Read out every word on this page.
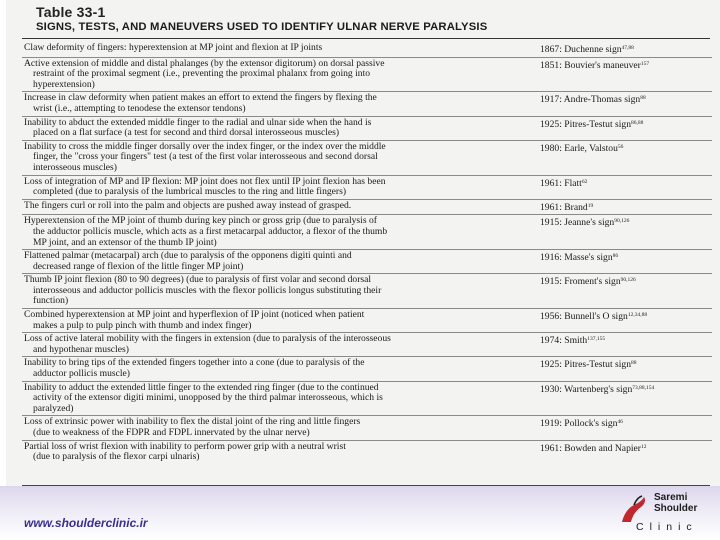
Table 33-1
SIGNS, TESTS, AND MANEUVERS USED TO IDENTIFY ULNAR NERVE PARALYSIS
Claw deformity of fingers: hyperextension at MP joint and flexion at IP joints	1867: Duchenne sign$^{47,88}$
Active extension of middle and distal phalanges (by the extensor digitorum) on dorsal passive
restraint of the proximal segment (i.e., preventing the proximal phalanx from going into
hyperextension)
1851: Bouvier's maneuver$^{157}$
Increase in claw deformity when patient makes an effort to extend the fingers by flexing the
wrist (i.e., attempting to tenodese the extensor tendons)
1917: Andre-Thomas sign$^{88}$
Inability to abduct the extended middle finger to the radial and ulnar side when the hand is
placed on a flat surface (a test for second and third dorsal interosseous muscles)
1925: Pitres-Testut sign$^{86,88}$
Inability to cross the middle finger dorsally over the index finger, or the index over the middle
finger, the "cross your fingers" test (a test of the first volar interosseous and second dorsal
interosseous muscles)
1980: Earle, Valstou$^{56}$
Loss of integration of MP and IP flexion: MP joint does not flex until IP joint flexion has been
completed (due to paralysis of the lumbrical muscles to the ring and little fingers)
1961: Flatt$^{62}$
The fingers curl or roll into the palm and objects are pushed away instead of grasped.	1961: Brand$^{19}$
Hyperextension of the MP joint of thumb during key pinch or gross grip (due to paralysis of
the adductor pollicis muscle, which acts as a first metacarpal adductor, a flexor of the thumb
MP joint, and an extensor of the thumb IP joint)
1915: Jeanne's sign$^{90,126}$
Flattened palmar (metacarpal) arch (due to paralysis of the opponens digiti quinti and
decreased range of flexion of the little finger MP joint)
1916: Masse's sign$^{86}$
Thumb IP joint flexion (80 to 90 degrees) (due to paralysis of first volar and second dorsal
interosseous and adductor pollicis muscles with the flexor pollicis longus substituting their
function)
1915: Froment's sign$^{90,126}$
Combined hyperextension at MP joint and hyperflexion of IP joint (noticed when patient
makes a pulp to pulp pinch with thumb and index finger)
1956: Bunnell's O sign$^{12,34,88}$
Loss of active lateral mobility with the fingers in extension (due to paralysis of the interosseous
and hypothenar muscles)
1974: Smith$^{137,155}$
Inability to bring tips of the extended fingers together into a cone (due to paralysis of the
adductor pollicis muscle)
1925: Pitres-Testut sign$^{88}$
Inability to adduct the extended little finger to the extended ring finger (due to the continued
activity of the extensor digiti minimi, unopposed by the third palmar interosseous, which is
paralyzed)
1930: Wartenberg's sign$^{73,88,154}$
Loss of extrinsic power with inability to flex the distal joint of the ring and little fingers
(due to weakness of the FDPR and FDPL innervated by the ulnar nerve)
1919: Pollock's sign$^{46}$
Partial loss of wrist flexion with inability to perform power grip with a neutral wrist
(due to paralysis of the flexor carpi ulnaris)
1961: Bowden and Napier$^{12}$
www.shoulderclinic.ir
Saremi
Shoulder
Clinic
